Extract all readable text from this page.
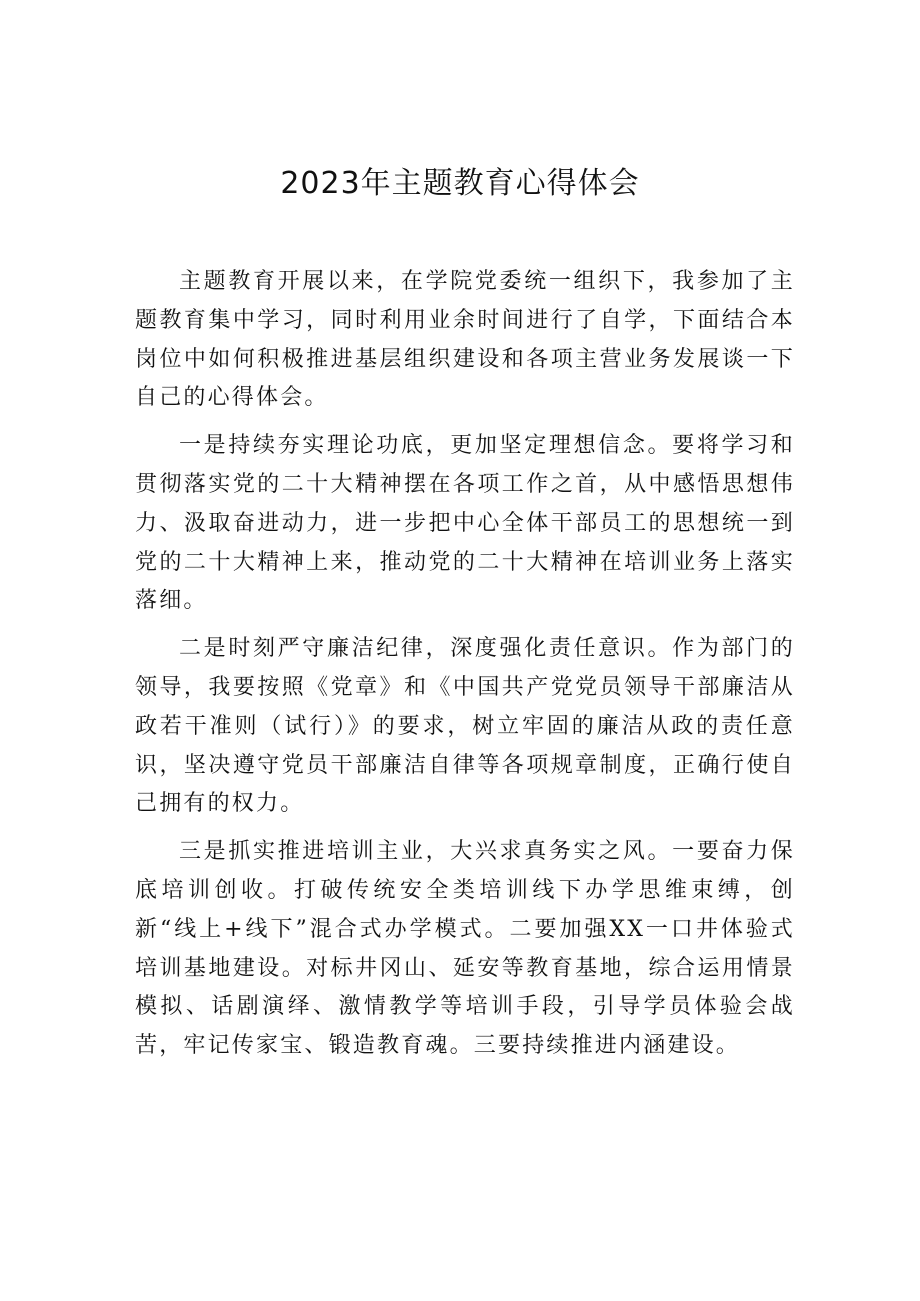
2023年主题教育心得体会

主题教育开展以来，在学院党委统一组织下，我参加了主题教育集中学习，同时利用业余时间进行了自学，下面结合本岗位中如何积极推进基层组织建设和各项主营业务发展谈一下自己的心得体会。

一是持续夯实理论功底，更加坚定理想信念。要将学习和贯彻落实党的二十大精神摆在各项工作之首，从中感悟思想伟力、汲取奋进动力，进一步把中心全体干部员工的思想统一到党的二十大精神上来，推动党的二十大精神在培训业务上落实落细。

二是时刻严守廉洁纪律，深度强化责任意识。作为部门的领导，我要按照《党章》和《中国共产党党员领导干部廉洁从政若干准则（试行）》的要求，树立牢固的廉洁从政的责任意识，坚决遵守党员干部廉洁自律等各项规章制度，正确行使自己拥有的权力。

三是抓实推进培训主业，大兴求真务实之风。一要奋力保底培训创收。打破传统安全类培训线下办学思维束缚，创新“线上+线下”混合式办学模式。二要加强XX一口井体验式培训基地建设。对标井冈山、延安等教育基地，综合运用情景模拟、话剧演绎、激情教学等培训手段，引导学员体验会战苦，牢记传家宝、锻造教育魂。三要持续推进内涵建设。
